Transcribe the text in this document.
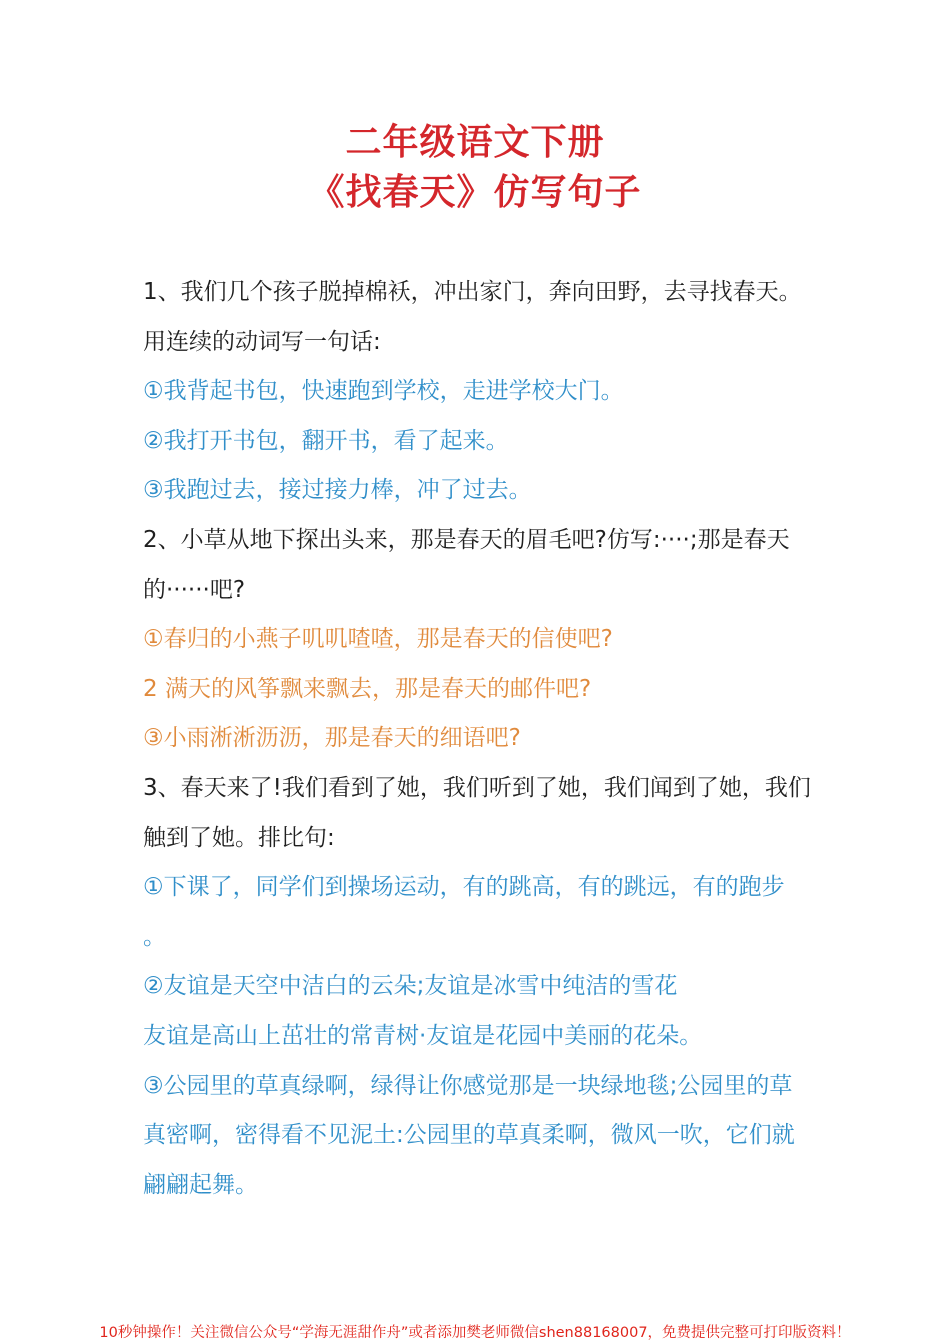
二年级语文下册
《找春天》仿写句子
1、我们几个孩子脱掉棉袄，冲出家门，奔向田野，去寻找春天。
用连续的动词写一句话:
①我背起书包，快速跑到学校，走进学校大门。
②我打开书包，翻开书，看了起来。
③我跑过去，接过接力棒，冲了过去。
2、小草从地下探出头来，那是春天的眉毛吧?仿写:····;那是春天
的······吧?
①春归的小燕子叽叽喳喳，那是春天的信使吧?
2 满天的风筝飘来飘去，那是春天的邮件吧?
③小雨淅淅沥沥，那是春天的细语吧?
3、春天来了!我们看到了她，我们听到了她，我们闻到了她，我们
触到了她。排比句:
①下课了，同学们到操场运动，有的跳高，有的跳远，有的跑步
。
②友谊是天空中洁白的云朵;友谊是冰雪中纯洁的雪花
友谊是高山上茁壮的常青树·友谊是花园中美丽的花朵。
③公园里的草真绿啊，绿得让你感觉那是一块绿地毯;公园里的草
真密啊，密得看不见泥土:公园里的草真柔啊，微风一吹，它们就
翩翩起舞。
10秒钟操作！关注微信公众号“学海无涯甜作舟”或者添加樊老师微信shen88168007，免费提供完整可打印版资料！
